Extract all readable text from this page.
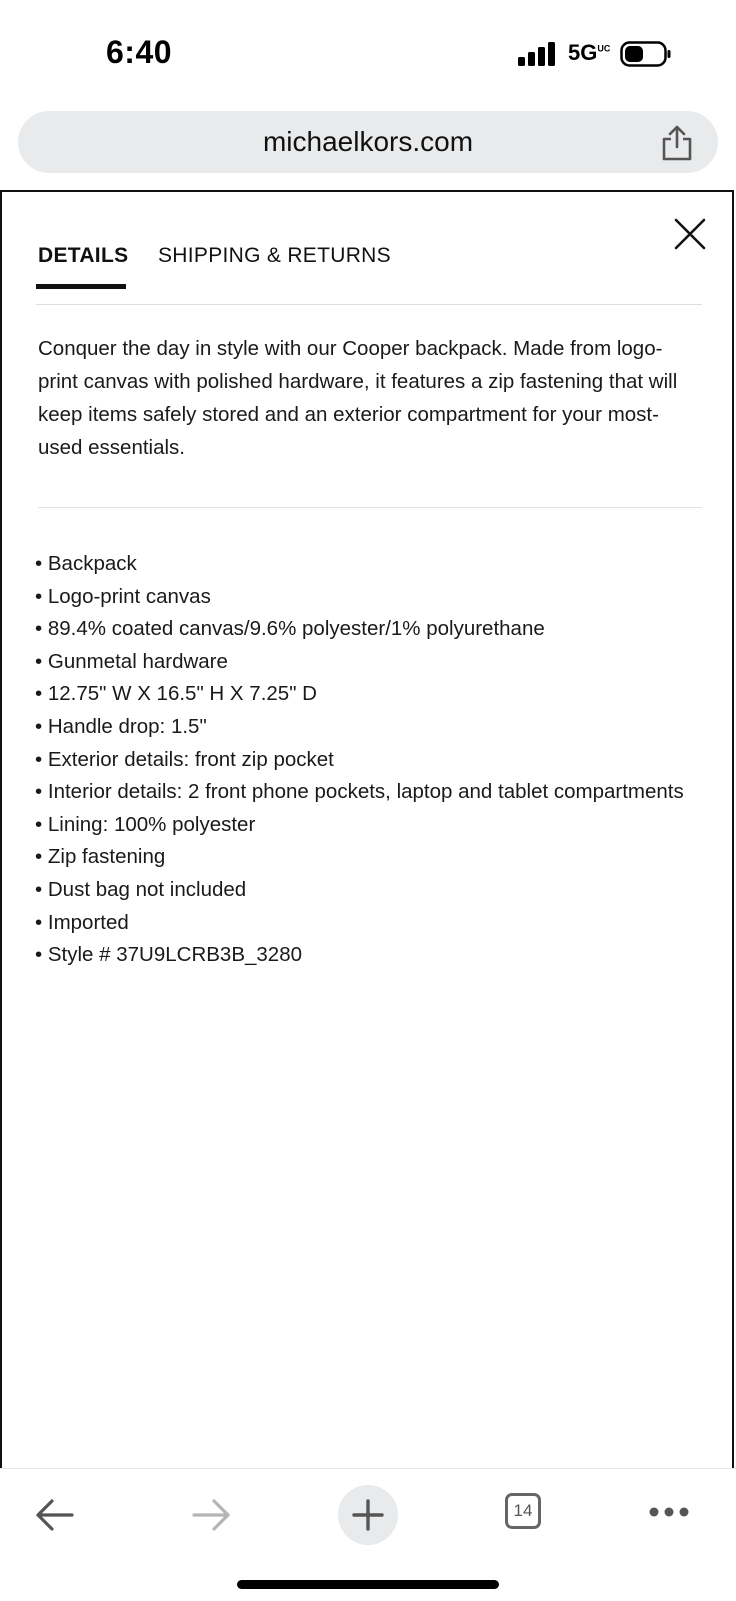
6:40	$5G^{UC}$
michaelkors.com
DETAILS SHIPPING & RETURNS
Conquer the day in style with our Cooper backpack. Made from logo-print canvas with polished hardware, it features a zip fastening that will keep items safely stored and an exterior compartment for your most-used essentials.
• Backpack
• Logo-print canvas
• 89.4% coated canvas/9.6% polyester/1% polyurethane
• Gunmetal hardware
• 12.75" W X 16.5" H X 7.25" D
• Handle drop: 1.5"
• Exterior details: front zip pocket
• Interior details: 2 front phone pockets, laptop and tablet compartments
• Lining: 100% polyester
• Zip fastening
• Dust bag not included
• Imported
• Style # 37U9LCRB3B_3280
14
